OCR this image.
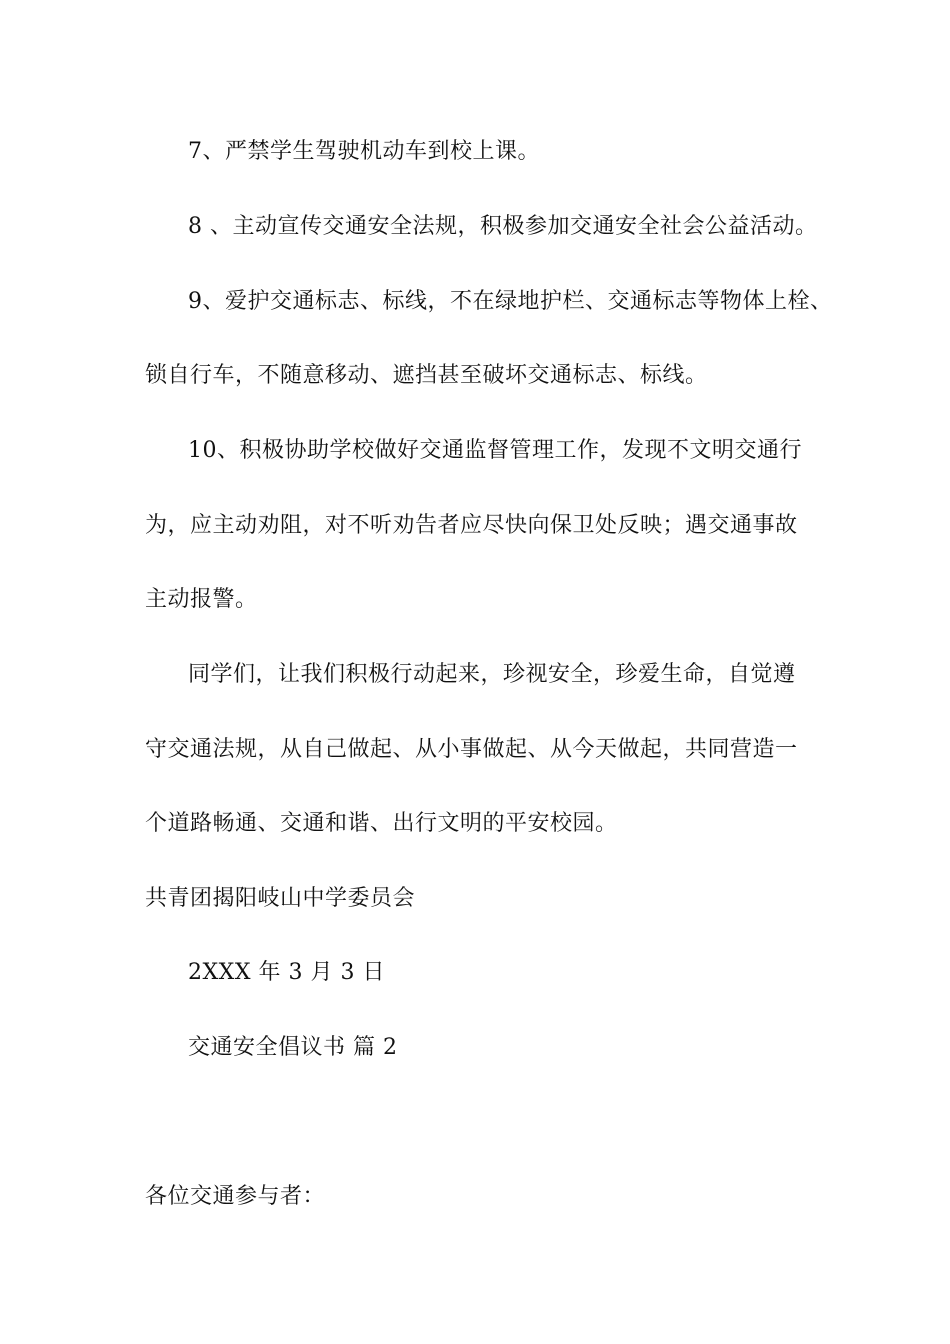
7、严禁学生驾驶机动车到校上课。
8 、主动宣传交通安全法规，积极参加交通安全社会公益活动。
9、爱护交通标志、标线，不在绿地护栏、交通标志等物体上栓、
锁自行车，不随意移动、遮挡甚至破坏交通标志、标线。
10、积极协助学校做好交通监督管理工作，发现不文明交通行
为，应主动劝阻，对不听劝告者应尽快向保卫处反映；遇交通事故
主动报警。
同学们，让我们积极行动起来，珍视安全，珍爱生命，自觉遵
守交通法规，从自己做起、从小事做起、从今天做起，共同营造一
个道路畅通、交通和谐、出行文明的平安校园。
共青团揭阳岐山中学委员会
2XXX 年 3 月 3 日
交通安全倡议书 篇 2
各位交通参与者：
